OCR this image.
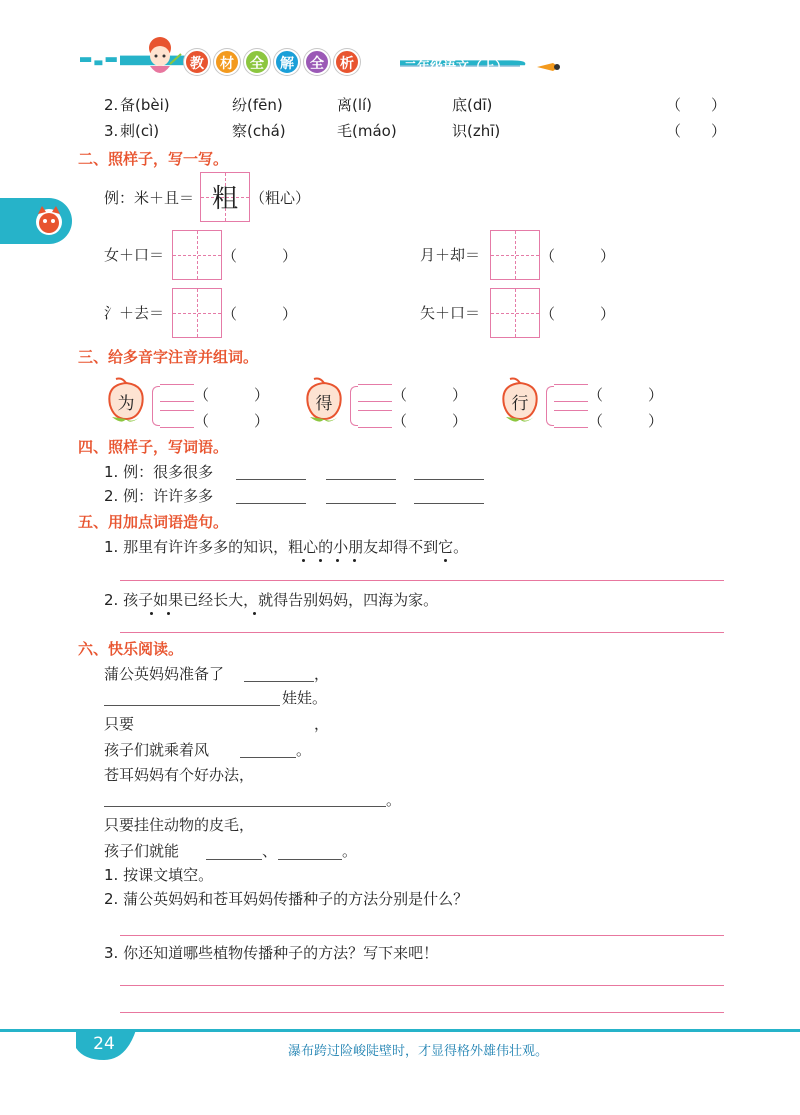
教 材 全 解 全 析	二年级语文（上）
2. 备(bèi)	纷(fēn)	离(lí)	底(dī)	（　　）
3. 刺(cì)	察(chá)	毛(máo)	识(zhī)	（　　）
二、照样子，写一写。
例：米＋且＝ 粗 （粗心）
女＋口＝	（	）	月＋却＝	（	）
氵＋去＝	（	）	矢＋口＝	（	）
三、给多音字注音并组词。
为	（	）
（	）
得	（	）
（	）
行	（	）
（	）
四、照样子，写词语。
1. 例：很多很多
2. 例：许许多多
五、用加点词语造句。
1. 那里有许许多多的知识，粗心的小朋友却得不到它。
2. 孩子如果已经长大，就得告别妈妈，四海为家。
六、快乐阅读。
蒲公英妈妈准备了	，
娃娃。
只要	，
孩子们就乘着风	。
苍耳妈妈有个好办法，
。
只要挂住动物的皮毛，
孩子们就能	、	。
1. 按课文填空。
2. 蒲公英妈妈和苍耳妈妈传播种子的方法分别是什么？
3. 你还知道哪些植物传播种子的方法？写下来吧！
24	瀑布跨过险峻陡壁时，才显得格外雄伟壮观。
